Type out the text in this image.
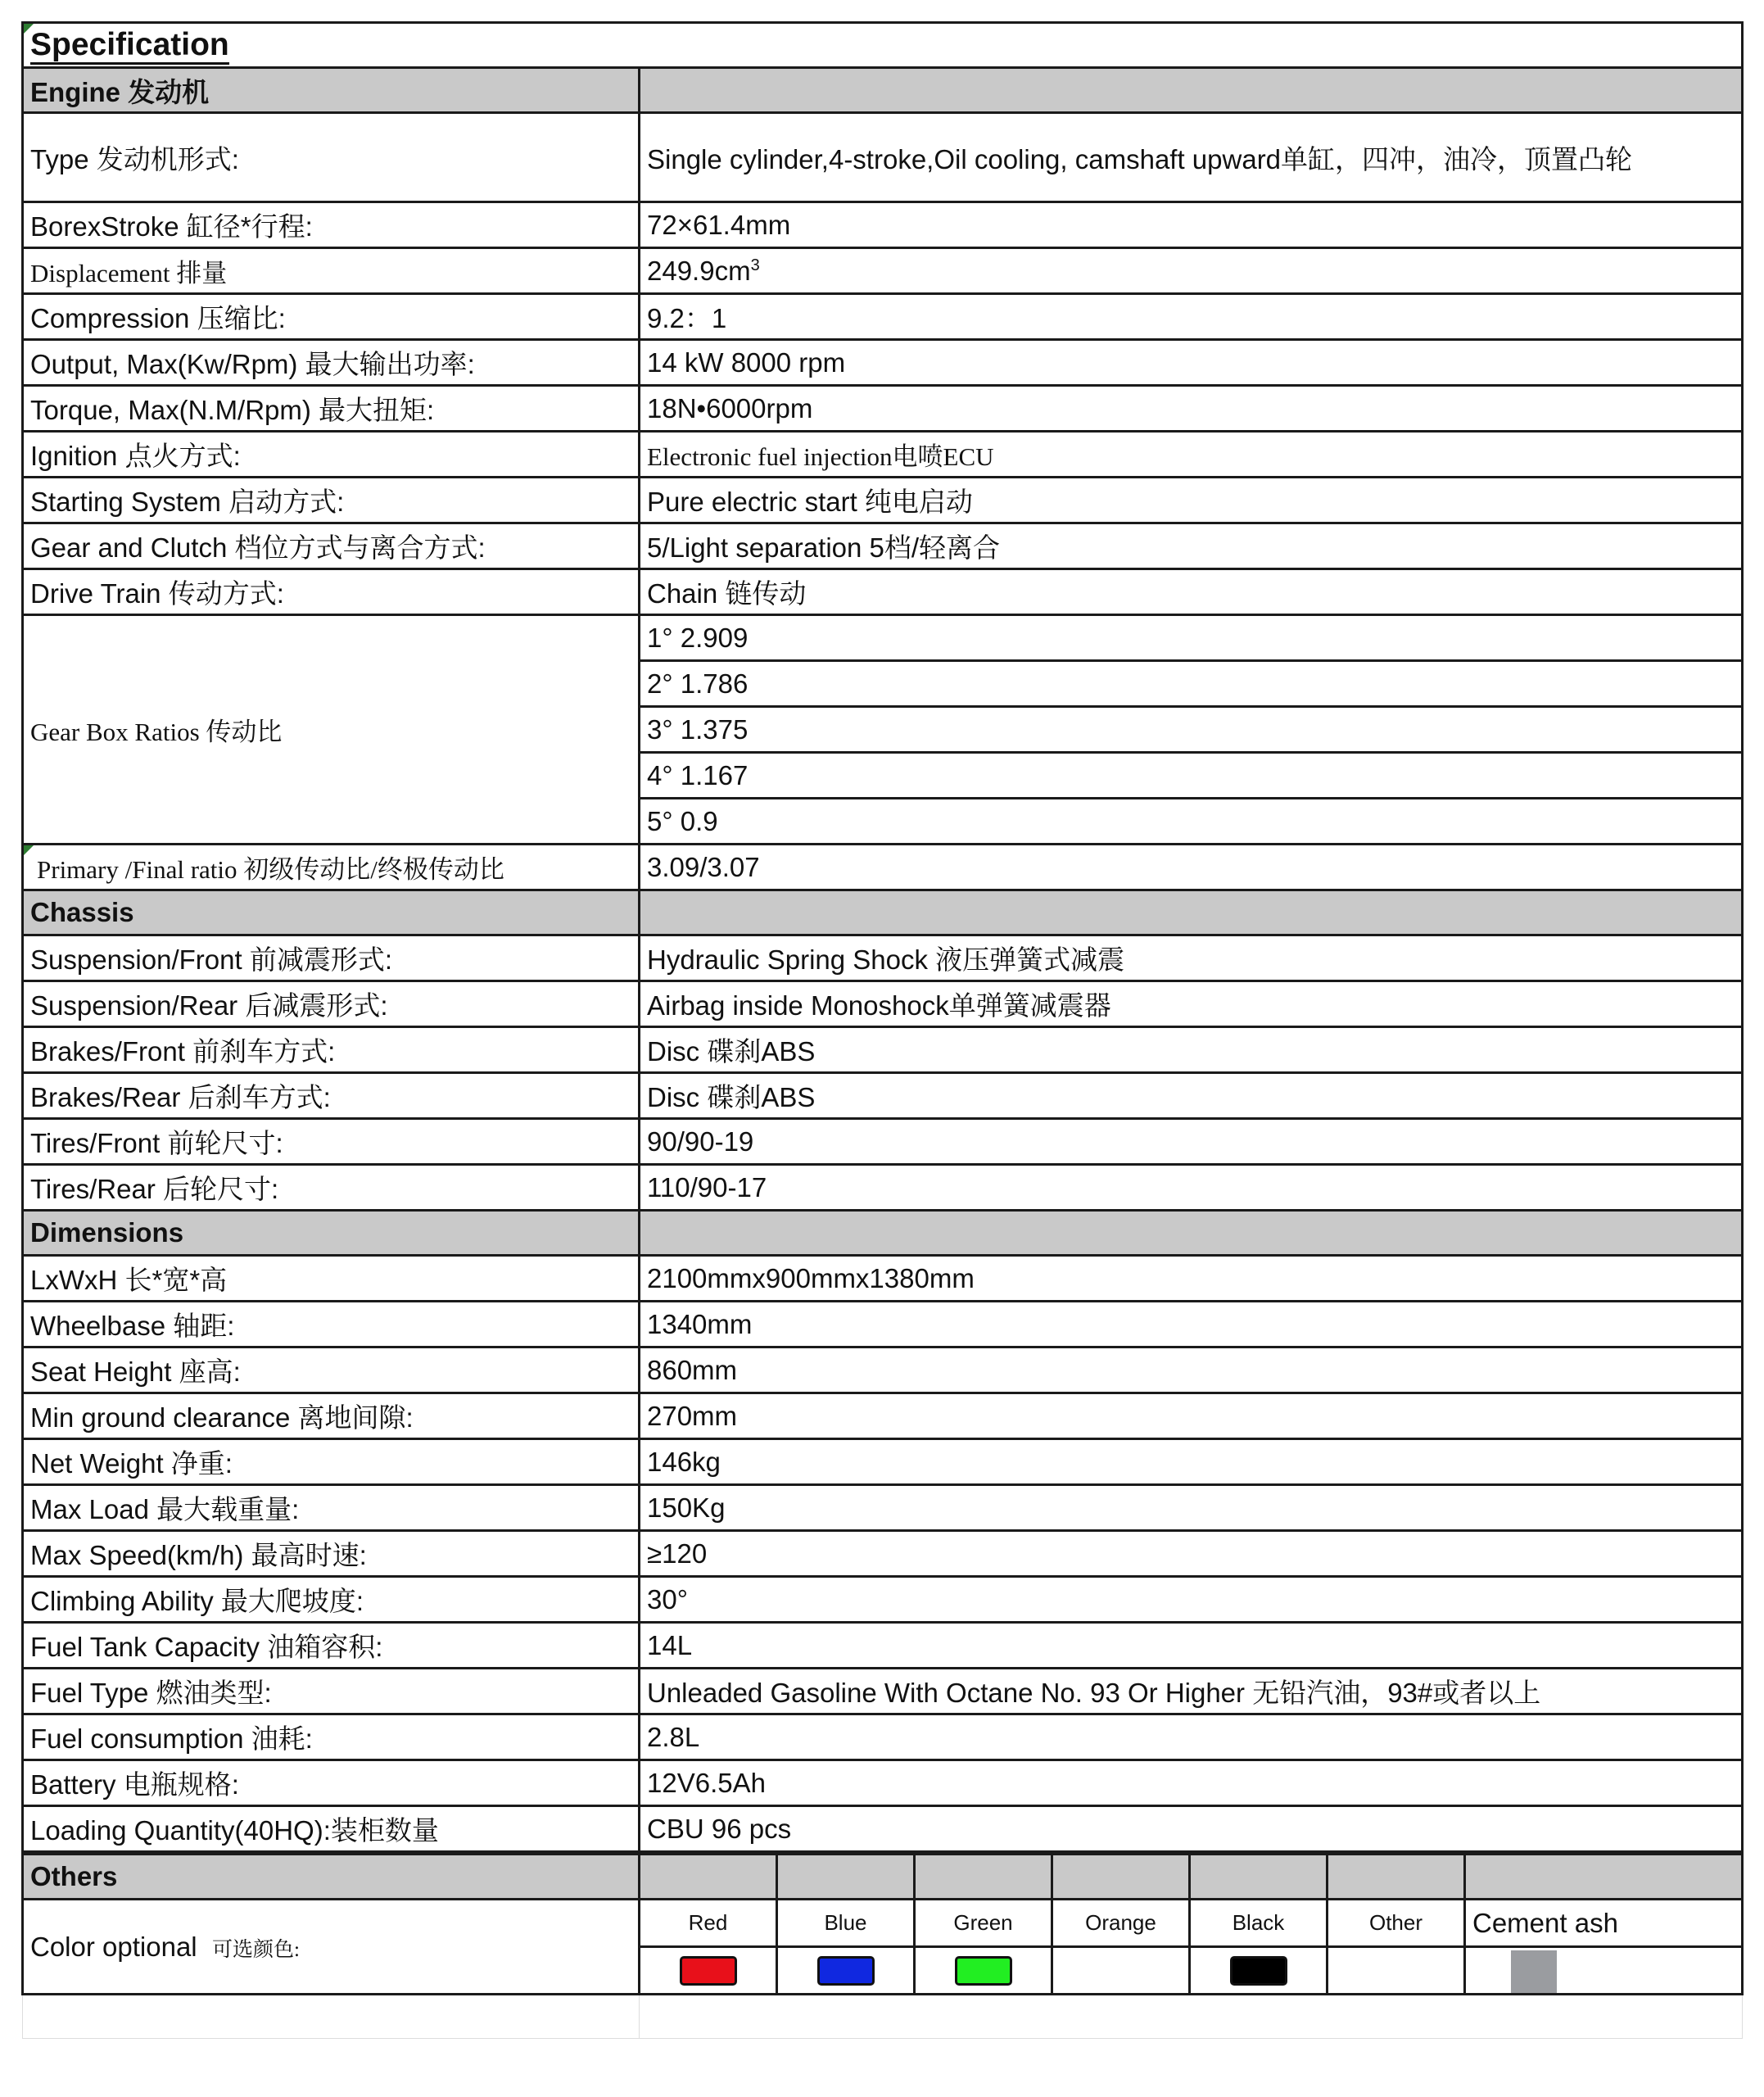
Specification	
Engine 发动机	
Type 发动机形式:	Single cylinder,4-stroke,Oil cooling, camshaft upward单缸，四冲，油冷，顶置凸轮
BorexStroke 缸径*行程:	72×61.4mm
Displacement 排量	$249.9cm^3$
Compression 压缩比:	9.2：1
Output, Max(Kw/Rpm) 最大输出功率:	14 kW 8000 rpm
Torque, Max(N.M/Rpm) 最大扭矩:	18N•6000rpm
Ignition 点火方式:	Electronic fuel injection电喷ECU
Starting System 启动方式:	Pure electric start 纯电启动
Gear and Clutch 档位方式与离合方式:	5/Light separation 5档/轻离合
Drive Train 传动方式:	Chain 链传动
Gear Box Ratios 传动比	1° 2.909
	2° 1.786
	3° 1.375
	4° 1.167
	5° 0.9
Primary /Final ratio 初级传动比/终极传动比	3.09/3.07
Chassis	
Suspension/Front 前减震形式:	Hydraulic Spring Shock 液压弹簧式减震
Suspension/Rear 后减震形式:	Airbag inside Monoshock单弹簧减震器
Brakes/Front 前刹车方式:	Disc 碟刹ABS
Brakes/Rear 后刹车方式:	Disc 碟刹ABS
Tires/Front 前轮尺寸:	90/90-19
Tires/Rear 后轮尺寸:	110/90-17
Dimensions	
LxWxH 长*宽*高	2100mmx900mmx1380mm
Wheelbase 轴距:	1340mm
Seat Height 座高:	860mm
Min ground clearance 离地间隙:	270mm
Net Weight 净重:	146kg
Max Load 最大载重量:	150Kg
Max Speed(km/h) 最高时速:	≥120
Climbing Ability 最大爬坡度:	30°
Fuel Tank Capacity 油箱容积:	14L
Fuel Type 燃油类型:	Unleaded Gasoline With Octane No. 93 Or Higher 无铅汽油，93#或者以上
Fuel consumption 油耗:	2.8L
Battery 电瓶规格:	12V6.5Ah
Loading Quantity(40HQ):装柜数量	CBU 96 pcs
Others							
Color optional 可选颜色:	Red	Blue	Green	Orange	Black	Other	Cement ash
